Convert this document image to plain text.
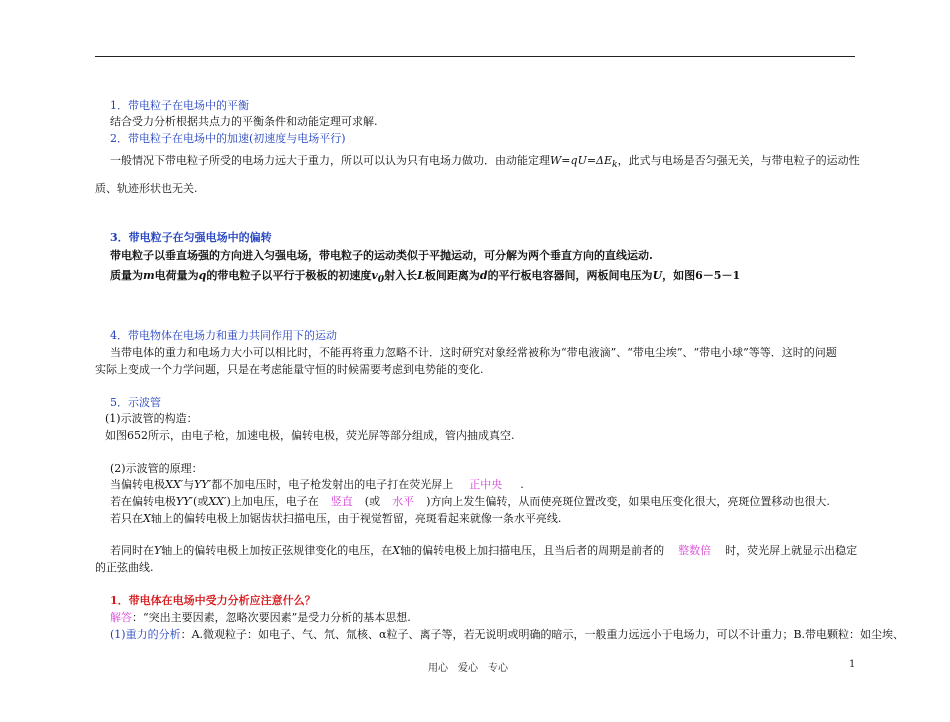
1．带电粒子在电场中的平衡
结合受力分析根据共点力的平衡条件和动能定理可求解.
2．带电粒子在电场中的加速(初速度与电场平行)
一般情况下带电粒子所受的电场力远大于重力，所以可以认为只有电场力做功．由动能定理$W=qU=\Delta E_k$，此式与电场是否匀强无关，与带电粒子的运动性
质、轨迹形状也无关.
3．带电粒子在匀强电场中的偏转
带电粒子以垂直场强的方向进入匀强电场，带电粒子的运动类似于平抛运动，可分解为两个垂直方向的直线运动.
质量为m电荷量为q的带电粒子以平行于极板的初速度$v_0$射入长L板间距离为d的平行板电容器间，两板间电压为U，如图6－5－1
4．带电物体在电场力和重力共同作用下的运动
当带电体的重力和电场力大小可以相比时，不能再将重力忽略不计．这时研究对象经常被称为“带电液滴”、“带电尘埃”、“带电小球”等等．这时的问题
实际上变成一个力学问题，只是在考虑能量守恒的时候需要考虑到电势能的变化.
5．示波管
(1)示波管的构造：
如图652所示，由电子枪，加速电极，偏转电极，荧光屏等部分组成，管内抽成真空.
(2)示波管的原理：
当偏转电极XX′与YY′都不加电压时，电子枪发射出的电子打在荧光屏上 正中央 .
若在偏转电极YY′(或XX′)上加电压，电子在 竖直 (或 水平 )方向上发生偏转，从而使亮斑位置改变，如果电压变化很大，亮斑位置移动也很大.
若只在X轴上的偏转电极上加锯齿状扫描电压，由于视觉暂留，亮斑看起来就像一条水平亮线.
若同时在Y轴上的偏转电极上加按正弦规律变化的电压，在X轴的偏转电极上加扫描电压，且当后者的周期是前者的 整数倍 时，荧光屏上就显示出稳定
的正弦曲线.
1．带电体在电场中受力分析应注意什么？
解答：“突出主要因素，忽略次要因素”是受力分析的基本思想.
(1)重力的分析：A.微观粒子：如电子、气、氘、氚核、α粒子、离子等，若无说明或明确的暗示，一般重力远远小于电场力，可以不计重力；B.带电颗粒：如尘埃、
用心　爱心　专心	1
